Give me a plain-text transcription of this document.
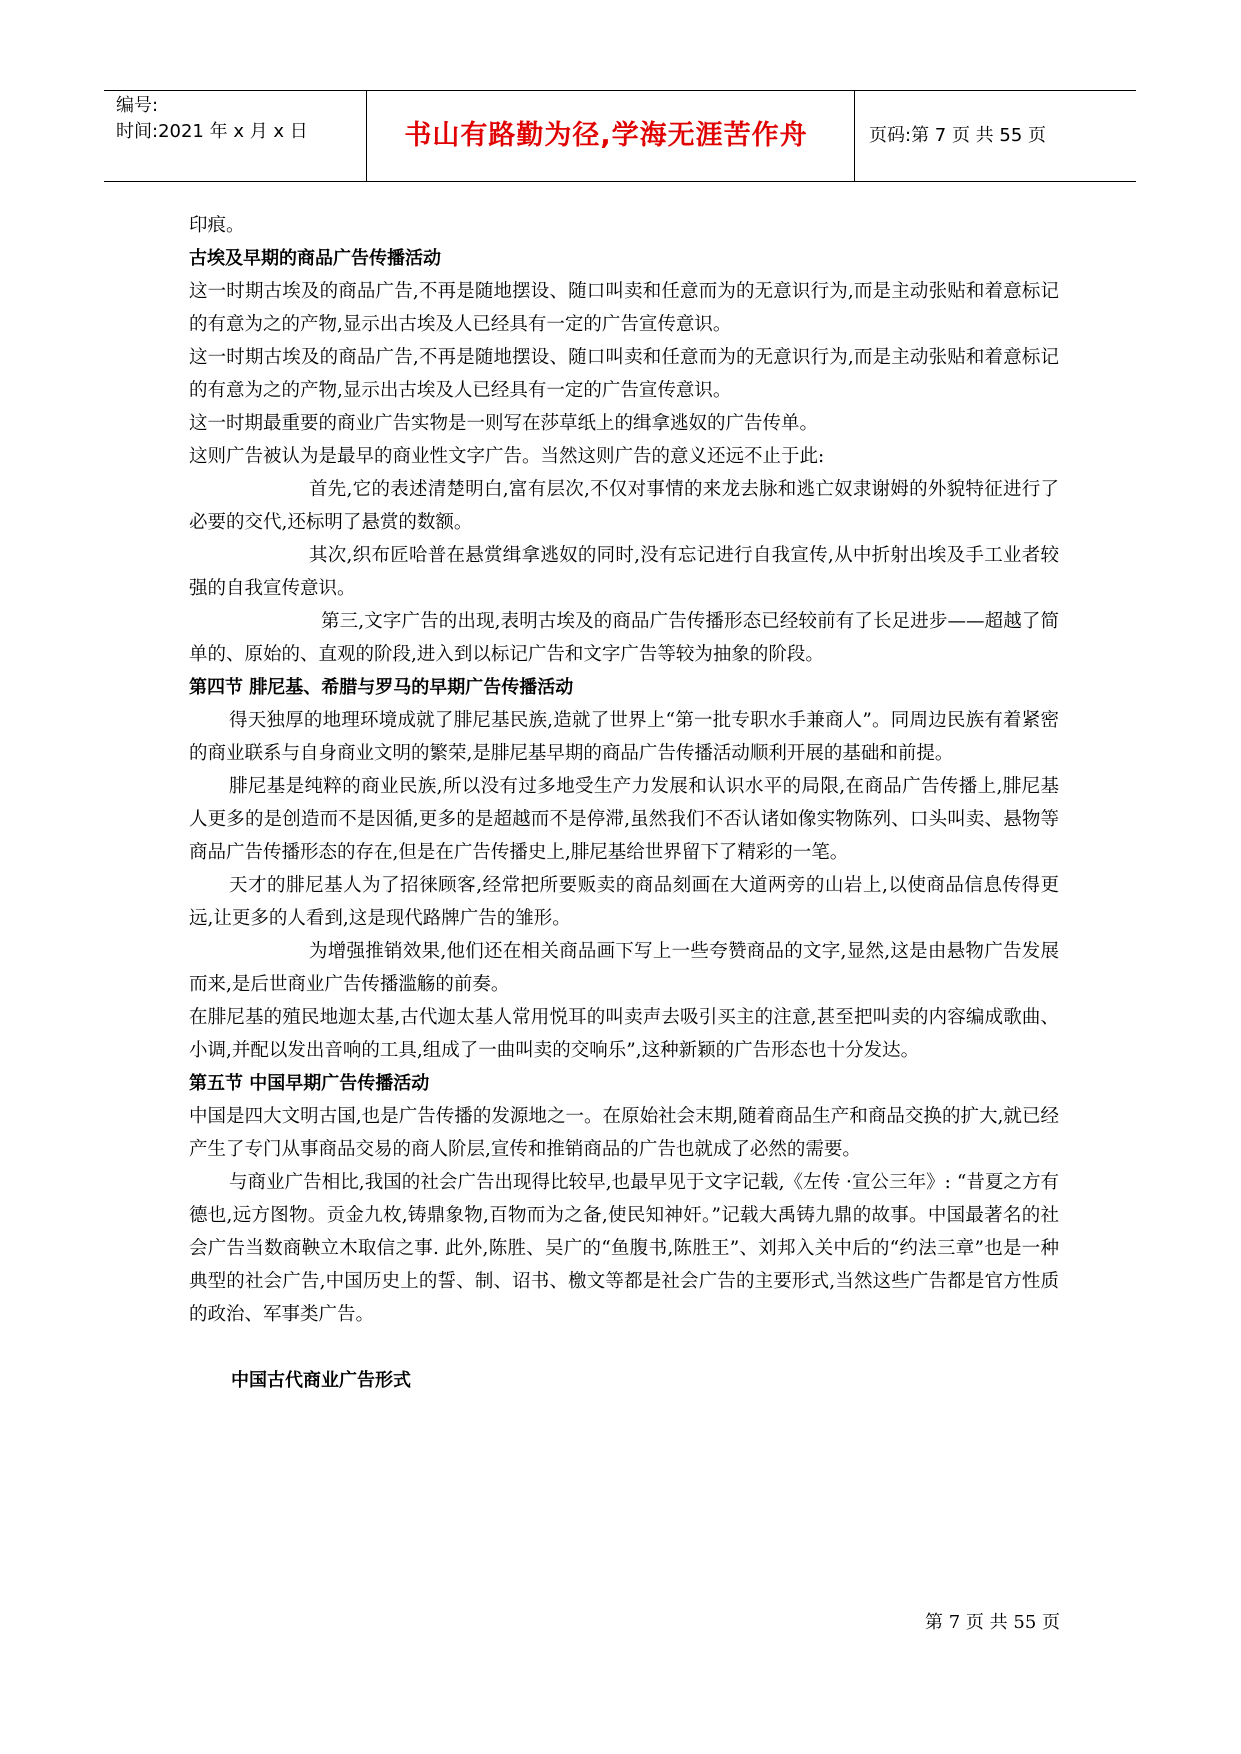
编号:
时间:2021 年 x 月 x 日	书山有路勤为径,学海无涯苦作舟	页码:第 7 页 共 55 页

印痕。

古埃及早期的商品广告传播活动

这一时期古埃及的商品广告,不再是随地摆设、随口叫卖和任意而为的无意识行为,而是主动张贴和着意标记的有意为之的产物,显示出古埃及人已经具有一定的广告宣传意识。

这一时期古埃及的商品广告,不再是随地摆设、随口叫卖和任意而为的无意识行为,而是主动张贴和着意标记的有意为之的产物,显示出古埃及人已经具有一定的广告宣传意识。

这一时期最重要的商业广告实物是一则写在莎草纸上的缉拿逃奴的广告传单。

这则广告被认为是最早的商业性文字广告。当然这则广告的意义还远不止于此:

首先,它的表述清楚明白,富有层次,不仅对事情的来龙去脉和逃亡奴隶谢姆的外貌特征进行了必要的交代,还标明了悬赏的数额。

其次,织布匠哈普在悬赏缉拿逃奴的同时,没有忘记进行自我宣传,从中折射出埃及手工业者较强的自我宣传意识。

第三,文字广告的出现,表明古埃及的商品广告传播形态已经较前有了长足进步——超越了简单的、原始的、直观的阶段,进入到以标记广告和文字广告等较为抽象的阶段。

第四节 腓尼基、希腊与罗马的早期广告传播活动

得天独厚的地理环境成就了腓尼基民族,造就了世界上“第一批专职水手兼商人”。同周边民族有着紧密的商业联系与自身商业文明的繁荣,是腓尼基早期的商品广告传播活动顺利开展的基础和前提。

腓尼基是纯粹的商业民族,所以没有过多地受生产力发展和认识水平的局限,在商品广告传播上,腓尼基人更多的是创造而不是因循,更多的是超越而不是停滞,虽然我们不否认诸如像实物陈列、口头叫卖、悬物等商品广告传播形态的存在,但是在广告传播史上,腓尼基给世界留下了精彩的一笔。

天才的腓尼基人为了招徕顾客,经常把所要贩卖的商品刻画在大道两旁的山岩上,以使商品信息传得更远,让更多的人看到,这是现代路牌广告的雏形。

为增强推销效果,他们还在相关商品画下写上一些夸赞商品的文字,显然,这是由悬物广告发展而来,是后世商业广告传播滥觞的前奏。

在腓尼基的殖民地迦太基,古代迦太基人常用悦耳的叫卖声去吸引买主的注意,甚至把叫卖的内容编成歌曲、小调,并配以发出音响的工具,组成了一曲叫卖的交响乐”,这种新颖的广告形态也十分发达。

第五节 中国早期广告传播活动

中国是四大文明古国,也是广告传播的发源地之一。在原始社会末期,随着商品生产和商品交换的扩大,就已经产生了专门从事商品交易的商人阶层,宣传和推销商品的广告也就成了必然的需要。

与商业广告相比,我国的社会广告出现得比较早,也最早见于文字记载,《左传 ·宣公三年》: “昔夏之方有德也,远方图物。贡金九枚,铸鼎象物,百物而为之备,使民知神奸。”记载大禹铸九鼎的故事。中国最著名的社会广告当数商鞅立木取信之事. 此外,陈胜、吴广的“鱼腹书,陈胜王”、刘邦入关中后的“约法三章”也是一种典型的社会广告,中国历史上的誓、制、诏书、檄文等都是社会广告的主要形式,当然这些广告都是官方性质的政治、军事类广告。

中国古代商业广告形式

第 7 页 共 55 页
